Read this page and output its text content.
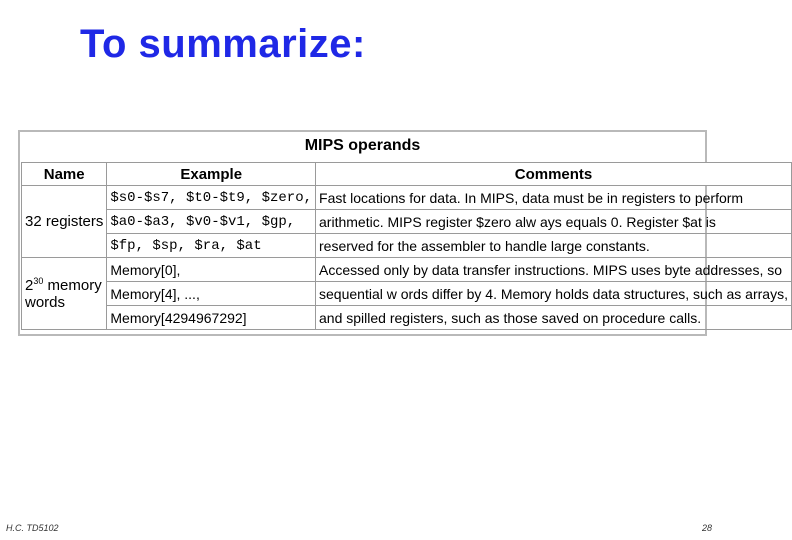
To summarize:
MIPS operands
Name	Example	Comments
32 registers	$s0-$s7, $t0-$t9, $zero,	Fast locations for data. In MIPS, data must be in registers to perform
	$a0-$a3, $v0-$v1, $gp,	arithmetic. MIPS register $zero alw ays equals 0. Register $at is
	$fp, $sp, $ra, $at	reserved for the assembler to handle large constants.

$2^{30}$ memory
words	Memory[0],	Accessed only by data transfer instructions. MIPS uses byte addresses, so
	Memory[4], ...,	sequential w ords differ by 4. Memory holds data structures, such as arrays,
	Memory[4294967292]	and spilled registers, such as those saved on procedure calls.
H.C. TD5102	28
